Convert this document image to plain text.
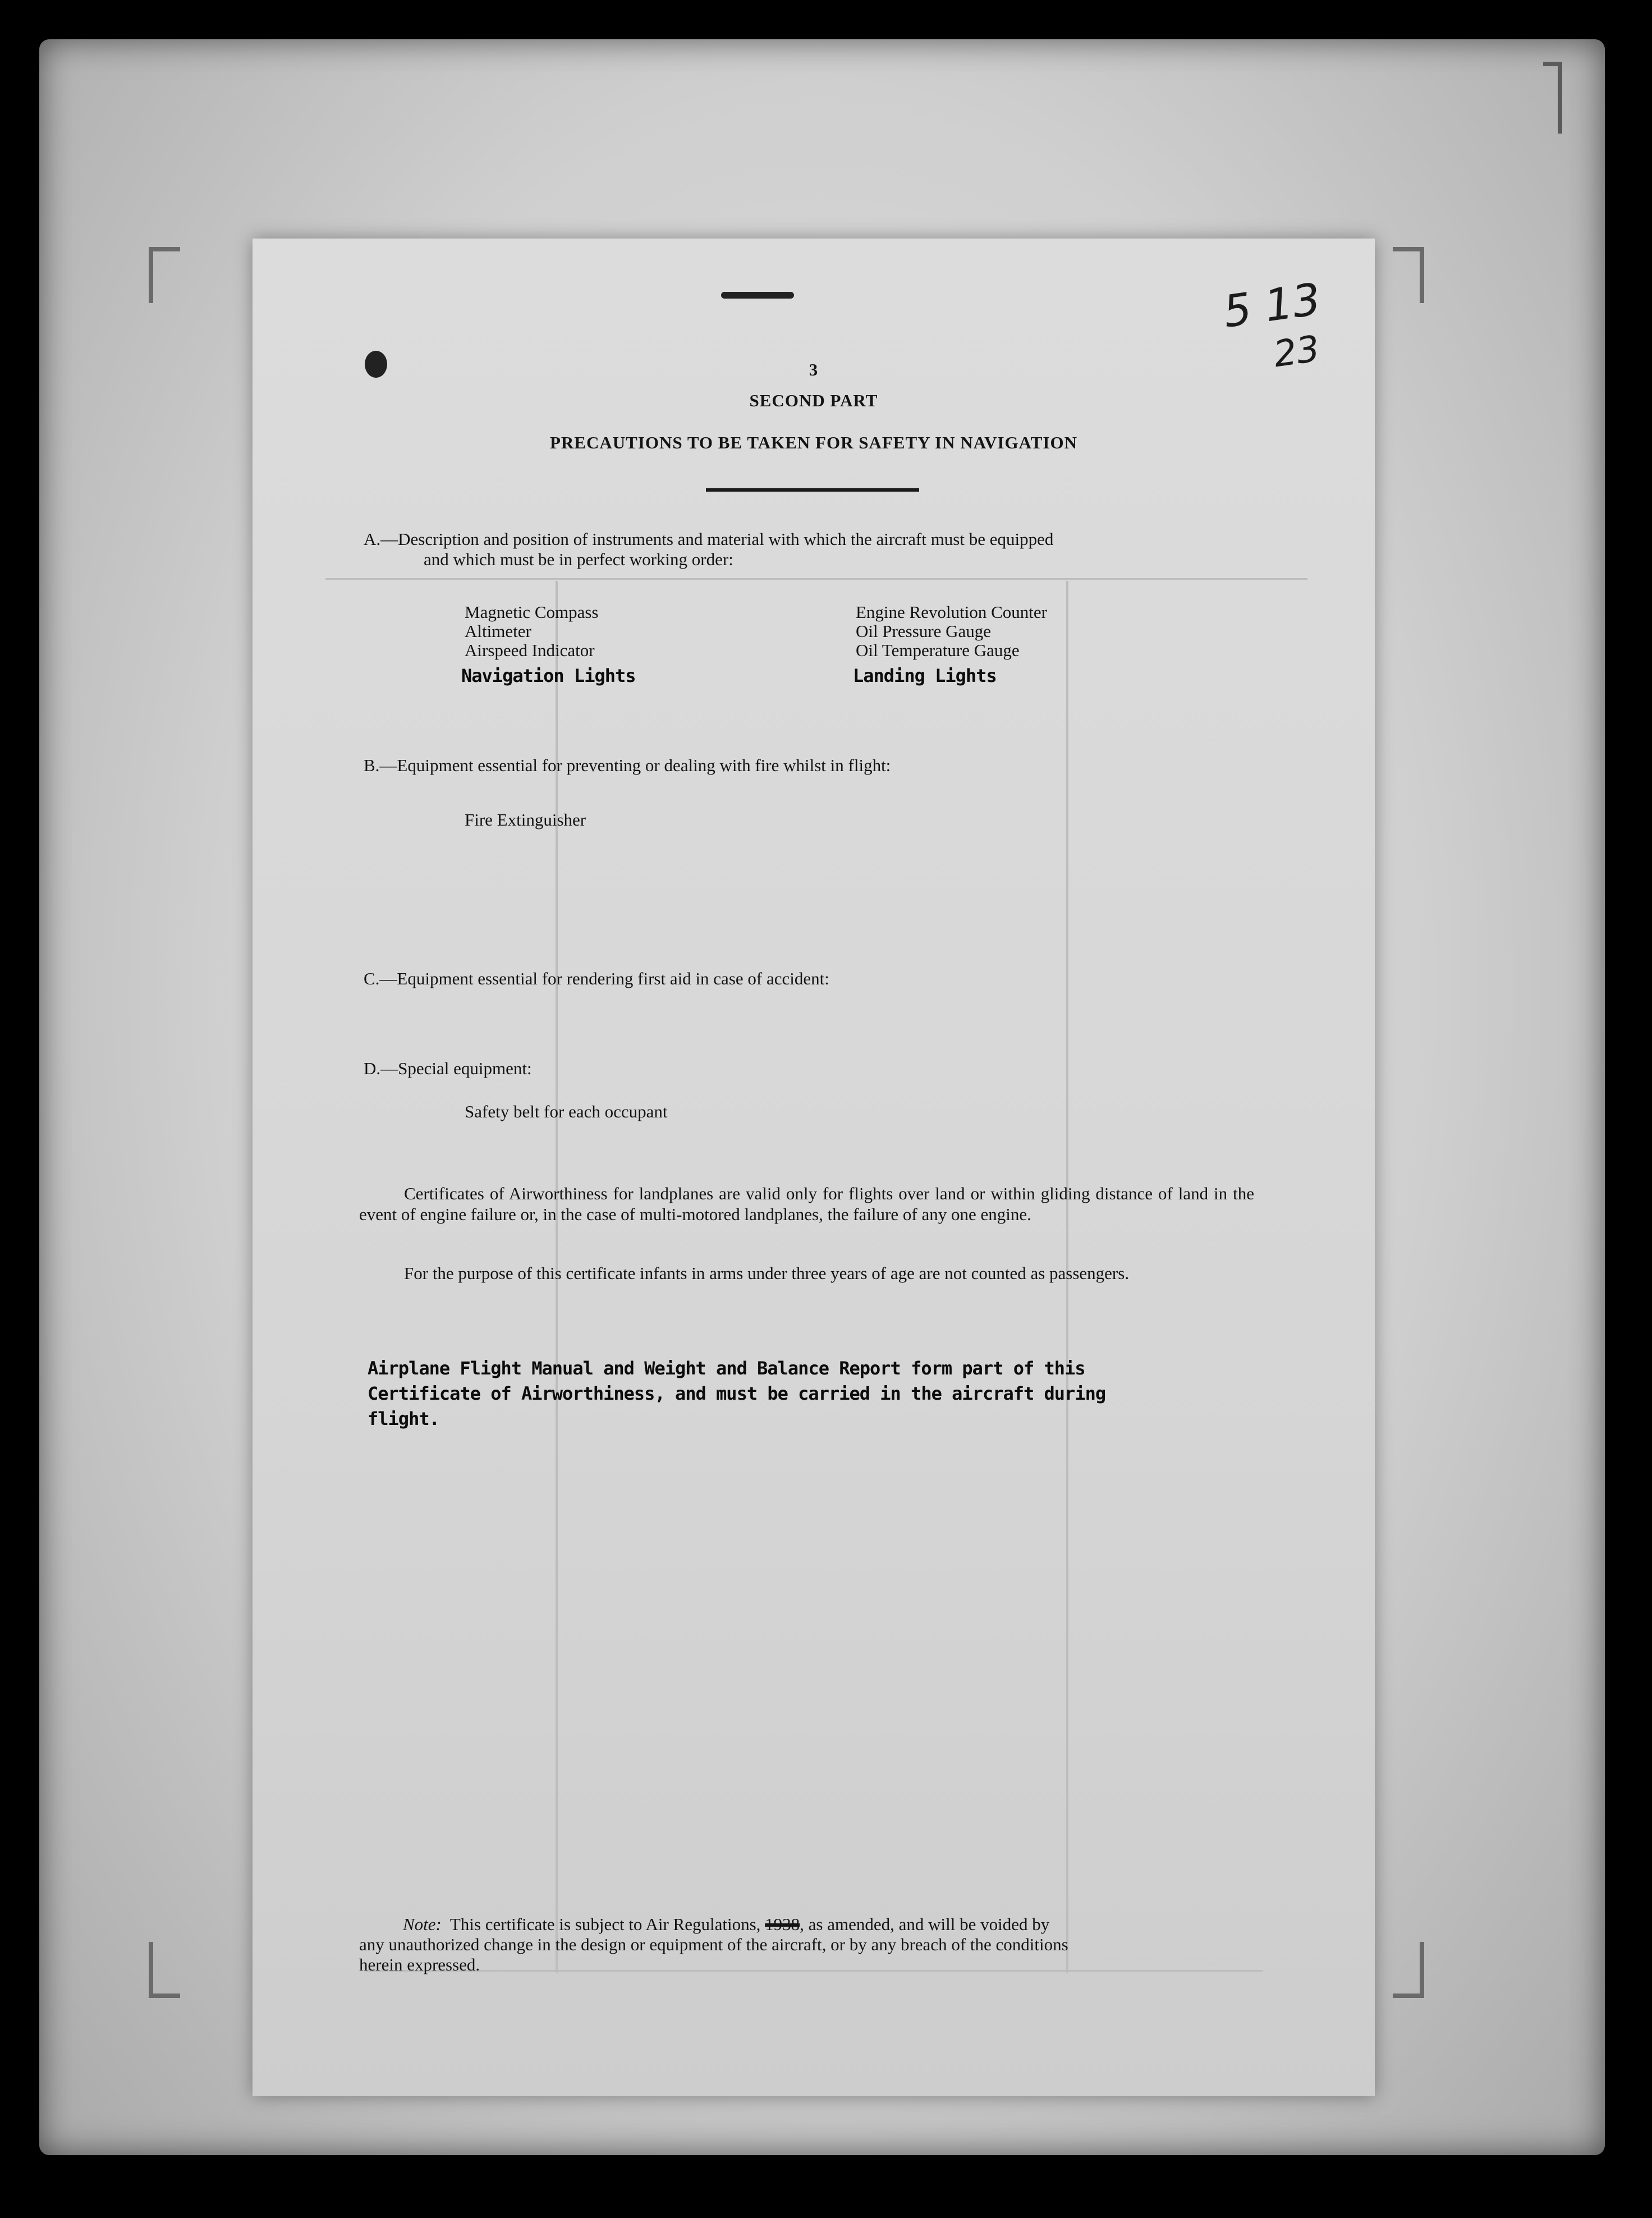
5 13
23
3
SECOND PART
PRECAUTIONS TO BE TAKEN FOR SAFETY IN NAVIGATION
A.—Description and position of instruments and material with which the aircraft must be equipped
and which must be in perfect working order:
Magnetic Compass
Altimeter
Airspeed Indicator
Navigation Lights
Engine Revolution Counter
Oil Pressure Gauge
Oil Temperature Gauge
Landing Lights
B.—Equipment essential for preventing or dealing with fire whilst in flight:
Fire Extinguisher
C.—Equipment essential for rendering first aid in case of accident:
D.—Special equipment:
Safety belt for each occupant
Certificates of Airworthiness for landplanes are valid only for flights over land or within gliding distance of land in the event of engine failure or, in the case of multi-motored landplanes, the failure of any one engine.
For the purpose of this certificate infants in arms under three years of age are not counted as passengers.
Airplane Flight Manual and Weight and Balance Report form part of this
Certificate of Airworthiness, and must be carried in the aircraft during
flight.
Note: This certificate is subject to Air Regulations, 1938, as amended, and will be voided by
any unauthorized change in the design or equipment of the aircraft, or by any breach of the conditions
herein expressed.
